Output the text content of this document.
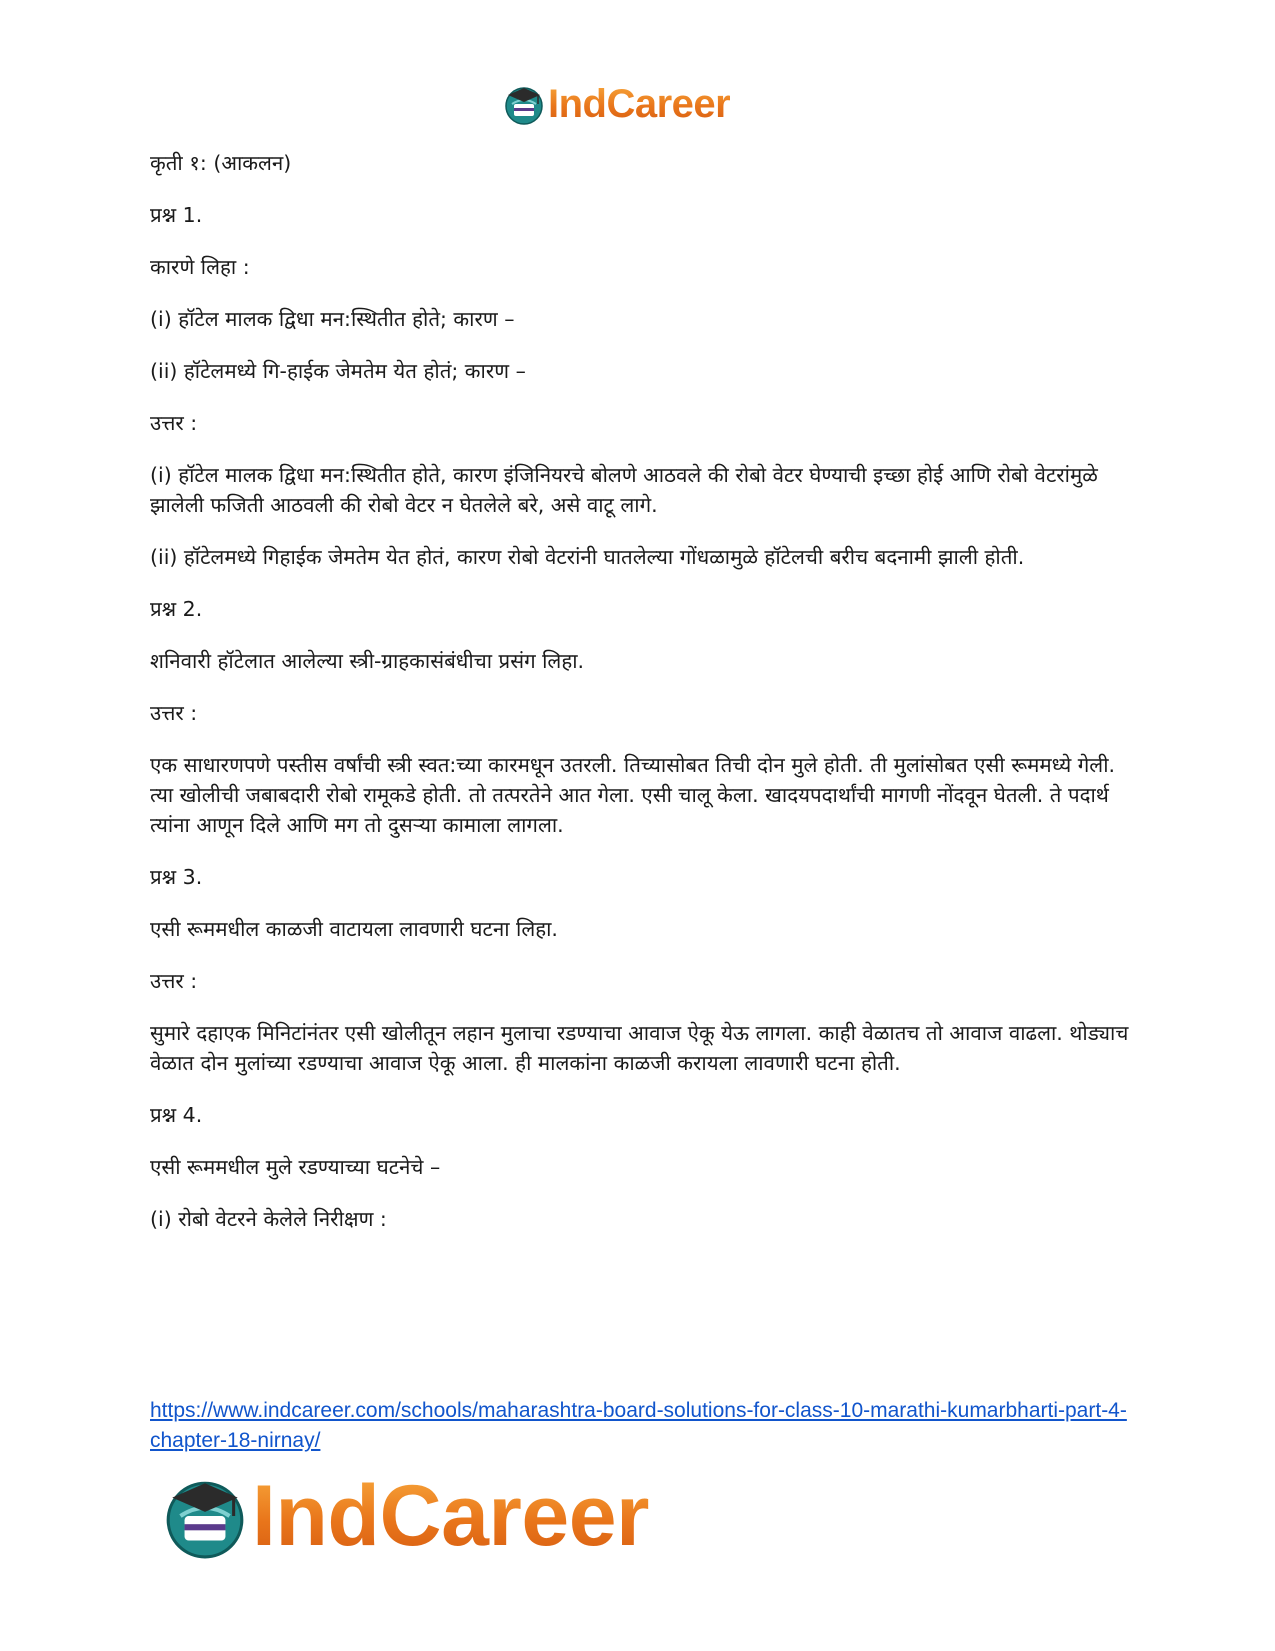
IndCareer

कृती १: (आकलन)

प्रश्न 1.

कारणे लिहा :

(i) हॉटेल मालक द्विधा मन:स्थितीत होते; कारण –

(ii) हॉटेलमध्ये गि-हाईक जेमतेम येत होतं; कारण –

उत्तर :

(i) हॉटेल मालक द्विधा मन:स्थितीत होते, कारण इंजिनियरचे बोलणे आठवले की रोबो वेटर घेण्याची इच्छा होई आणि रोबो वेटरांमुळे झालेली फजिती आठवली की रोबो वेटर न घेतलेले बरे, असे वाटू लागे.

(ii) हॉटेलमध्ये गिहाईक जेमतेम येत होतं, कारण रोबो वेटरांनी घातलेल्या गोंधळामुळे हॉटेलची बरीच बदनामी झाली होती.

प्रश्न 2.

शनिवारी हॉटेलात आलेल्या स्त्री-ग्राहकासंबंधीचा प्रसंग लिहा.

उत्तर :

एक साधारणपणे पस्तीस वर्षांची स्त्री स्वत:च्या कारमधून उतरली. तिच्यासोबत तिची दोन मुले होती. ती मुलांसोबत एसी रूममध्ये गेली. त्या खोलीची जबाबदारी रोबो रामूकडे होती. तो तत्परतेने आत गेला. एसी चालू केला. खादयपदार्थांची मागणी नोंदवून घेतली. ते पदार्थ त्यांना आणून दिले आणि मग तो दुसऱ्या कामाला लागला.

प्रश्न 3.

एसी रूममधील काळजी वाटायला लावणारी घटना लिहा.

उत्तर :

सुमारे दहाएक मिनिटांनंतर एसी खोलीतून लहान मुलाचा रडण्याचा आवाज ऐकू येऊ लागला. काही वेळातच तो आवाज वाढला. थोड्याच वेळात दोन मुलांच्या रडण्याचा आवाज ऐकू आला. ही मालकांना काळजी करायला लावणारी घटना होती.

प्रश्न 4.

एसी रूममधील मुले रडण्याच्या घटनेचे –

(i) रोबो वेटरने केलेले निरीक्षण :

https://www.indcareer.com/schools/maharashtra-board-solutions-for-class-10-marathi-kumarbharti-part-4-chapter-18-nirnay/
IndCareer
